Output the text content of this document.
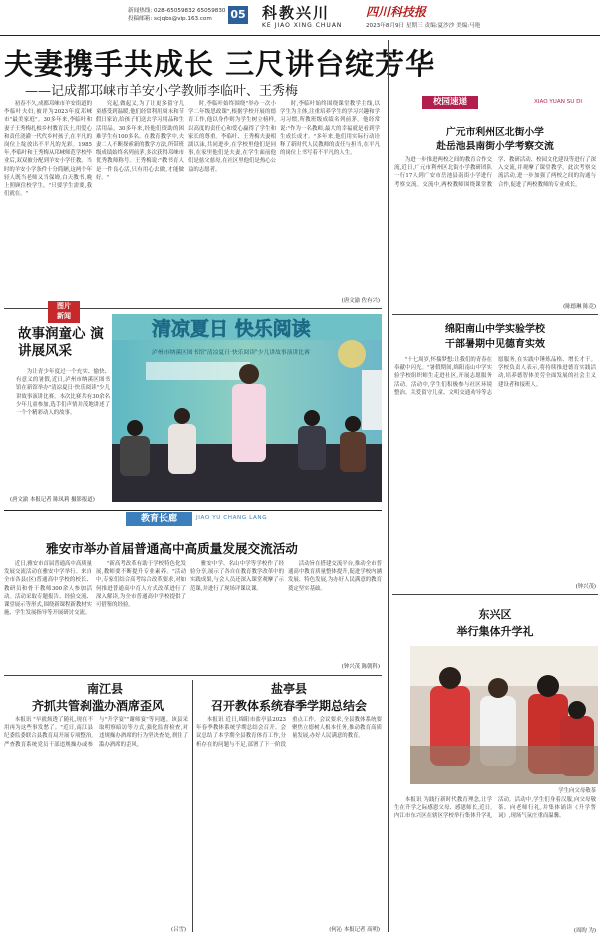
新闻热线: 028-65059832 65059830
投稿邮箱: scjqbs@vip.163.com	05 科教兴川
KE JIAO XING CHUAN
四川科技报
2023年8月9日 星期三 责编:夏沙沙 美编:马艳
夫妻携手共成长 三尺讲台绽芳华
——记成都邛崃市羊安小学教师李临叶、王秀梅

初春不久,成都邛崃市羊安街道的李临叶夫妇,被评为2023年度邛崃市"最美家庭"。30多年来,李临叶和妻子王秀梅扎根乡村教育沃土,用爱心和责任浇灌一代代乡村孩子,在平凡的岗位上绽放出不平凡的光彩。1985年,李临叶和王秀梅从邛崃师范学校毕业后,双双被分配到羊安小学任教。当时的羊安小学条件十分简陋,这两个年轻人既当老师又当保姆,白天教书,晚上照顾住校学生。"只要学生需要,我们就在。"

究起,做起义,为了让更多留守儿童感受到温暖,他们经常利用周末和节假日家访,给孩子们送去学习用品和生活用品。30多年来,经他们资助的困难学生有100多名。在教育教学中,夫妻二人不断探索新的教学方法,所带班级成绩始终名列前茅,多次获得邛崃市优秀教师称号。王秀梅说:"教书育人是一件良心活,只有用心去做,才能做好。"

时,李临叶始终围绕"举办一次小学二年级思政课",根据学校开展的德育工作,他以身作则为学生树立榜样,以高度的责任心和爱心赢得了学生和家长的尊重。李临叶、王秀梅夫妻相濡以沫,共同进步,在学校里他们是同事,在家里他们是夫妻,在学生面前他们是慈父慈母,在社区里他们是热心公益的志愿者。

时,李临叶始终围绕课堂教学主线,以学生为主体,注重培养学生的学习兴趣和学习习惯,所教班级成绩名列前茅。他经常说:"作为一名教师,最大的幸福就是看到学生成长成才。"多年来,他们用实际行动诠释了新时代人民教师的责任与担当,在平凡的岗位上书写着不平凡的人生。

(唐文渝 佐有兴)
图片
新闻
故事润童心 演讲展风采

为让青少年度过一个充实、愉快、有意义的暑假,近日,泸州市纳溪区图书馆在新馆举办"清凉夏日·快乐阅读"少儿讲故事演讲比赛。本次比赛共有30余名少年儿童参加,选手们声情并茂地讲述了一个个精彩动人的故事。

(唐文渝 本报记者 陈凤莉 摄影报道)
清凉夏日 快乐阅读
泸州市纳溪区图书馆"清凉夏日·快乐阅读"少儿讲故事演讲比赛
教育长廊	JIAO YU CHANG LANG
雅安市举办首届普通高中高质量发展交流活动

近日,雅安市首届普通高中高质量发展交流活动在雅安中学举行。来自全市各县(区)普通高中学校的校长、教研员和骨干教师300余人参加活动。活动采取专题报告、经验交流、课堂展示等形式,围绕新课程新教材实施、学生发展指导等开展研讨交流。

"新高考改革有助于学校特色化发展,教师要不断提升专业素养。"活动中,专家们结合高考综合改革要求,对如何推进普通高中育人方式改革进行了深入解读,为全市普通高中学校提供了可借鉴的经验。

雅安中学、名山中学等学校作了经验分享,展示了各自在教育教学改革中的实践成果,与会人员还深入课堂观摩了示范课,并进行了现场评课议课。

活动旨在搭建交流平台,推动全市普通高中教育质量整体提升,促进学校内涵发展、特色发展,为办好人民满意的教育奠定坚实基础。

(钟兴茂 陈朝科)
南江县
齐抓共管刹滥办酒席歪风

本报讯 "早就烦透了随礼,现在不用再为这些事发愁了。"近日,南江县纪委监委联合县教育局开展专项整治,严查教育系统党员干部违规操办或参与"升学宴""谢师宴"等问题。该县采取明察暗访等方式,强化监督检查,对违规操办酒席的行为坚决查处,刹住了滥办酒席的歪风。

(吕雪)
盐亭县
召开教体系统春季学期总结会

本报讯 近日,绵阳市盐亭县2023年春季教体系统学期总结会召开。会议总结了本学期全县教育体育工作,分析存在的问题与不足,部署了下一阶段重点工作。会议要求,全县教体系统要聚焦立德树人根本任务,推动教育高质量发展,办好人民满意的教育。

(何沁 本报记者 高明)
校园速递	XIAO YUAN SU DI
广元市利州区北街小学
赴岳池县南街小学考察交流

为进一步推进两校之间的教育合作交流,近日,广元市利州区北街小学教研团队一行17人到广安市岳池县南街小学进行考察交流。交流中,两校教师围绕课堂教学、教研活动、校园文化建设等进行了深入交流,并观摩了课堂教学。此次考察交流活动,进一步加强了两校之间的沟通与合作,促进了两校教师的专业成长。

(陈德琳 陈竞)
绵阳南山中学实验学校
干部暑期中见德育实效

"十七周岁,怀揣梦想;让我们的青春在奉献中闪光。"暑假期间,绵阳南山中学实验学校组织师生走进社区,开展志愿服务活动。活动中,学生们积极参与社区环境整治、关爱留守儿童、文明交通劝导等志愿服务,在实践中锤炼品格、增长才干。学校负责人表示,将持续推进德育实践活动,培养德智体美劳全面发展的社会主义建设者和接班人。

(钟兴茂)
东兴区
举行集体升学礼
学生向父母敬茶

本报讯 为践行新时代教育理念,让学生在升学之际感恩父母、感恩师长,近日,内江市东兴区在辖区学校举行集体升学礼活动。活动中,学生们身着汉服,向父母敬茶、向老师行礼,并集体诵读《升学誓词》,现场气氛庄重而温馨。

(周昀 为)
